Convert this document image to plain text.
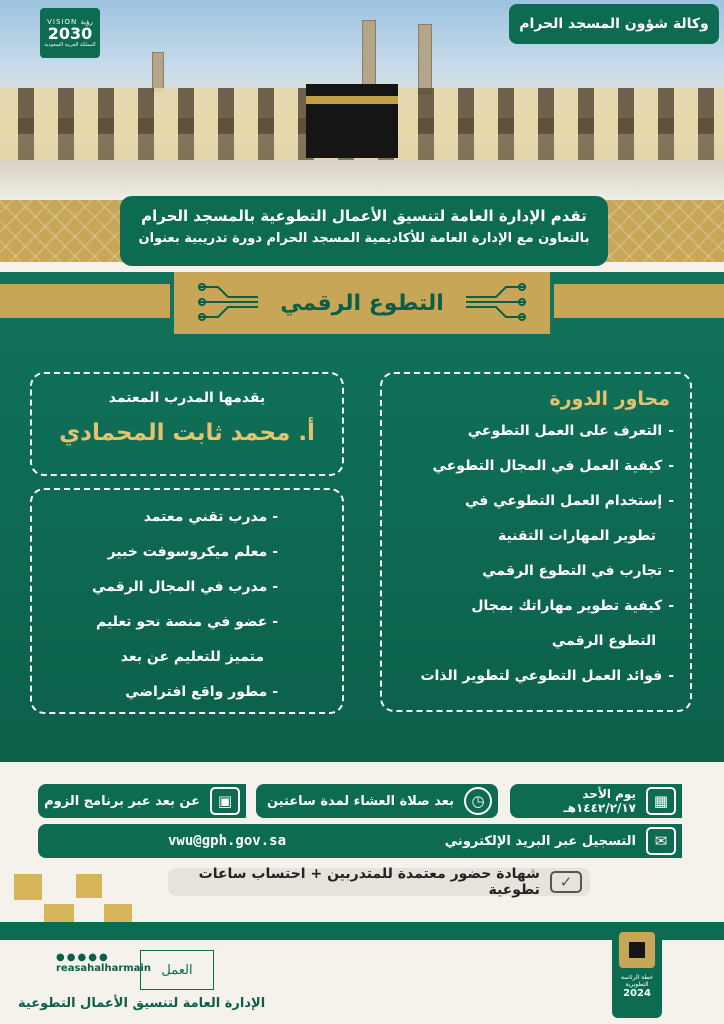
وكالة شؤون المسجد الحرام
VISION رؤية
2030
المملكة العربية السعودية
تقدم الإدارة العامة لتنسيق الأعمال التطوعية بالمسجد الحرام
بالتعاون مع الإدارة العامة للأكاديمية المسجد الحرام دورة تدريبية بعنوان
التطوع الرقمي
محاور الدورة
-التعرف على العمل التطوعي
-كيفية العمل في المجال التطوعي
-إستخدام العمل التطوعي في
تطوير المهارات التقنية
-تجارب في التطوع الرقمي
-كيفية تطوير مهاراتك بمجال
التطوع الرقمي
-فوائد العمل التطوعي لتطوير الذات
يقدمها المدرب المعتمد
أ. محمد ثابت المحمادي
- مدرب تقني معتمد
- معلم ميكروسوفت خبير
- مدرب في المجال الرقمي
- عضو في منصة نحو تعليم
متميز للتعليم عن بعد
- مطور واقع افتراضي
▦
يوم الأحد
١٤٤٢/٢/١٧هـ
◷
بعد صلاة العشاء لمدة ساعتين
▣
عن بعد عبر برنامج الزوم
✉
التسجيل عبر البريد الإلكتروني
vwu@gph.gov.sa
✓
شهادة حضور معتمدة للمتدربين + احتساب ساعات تطوعية
●●●●●
reasahalharmain العمل
الإدارة العامة لتنسيق الأعمال التطوعية
خطة الرئاسة التطويرية
2024
